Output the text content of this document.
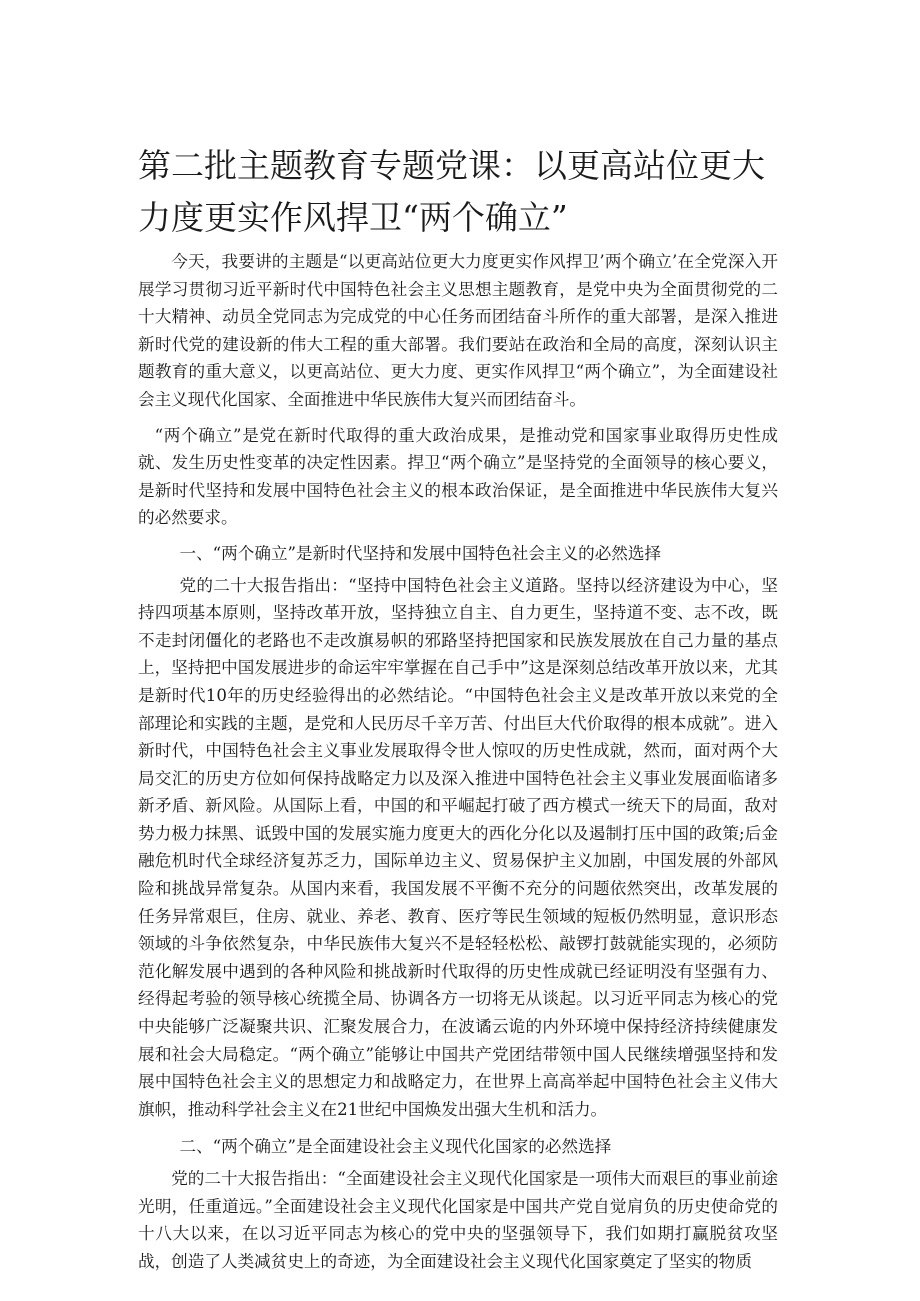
第二批主题教育专题党课：以更高站位更大力度更实作风捍卫“两个确立”

今天，我要讲的主题是“以更高站位更大力度更实作风捍卫’两个确立’在全党深入开展学习贯彻习近平新时代中国特色社会主义思想主题教育，是党中央为全面贯彻党的二十大精神、动员全党同志为完成党的中心任务而团结奋斗所作的重大部署，是深入推进新时代党的建设新的伟大工程的重大部署。我们要站在政治和全局的高度，深刻认识主题教育的重大意义，以更高站位、更大力度、更实作风捍卫“两个确立”，为全面建设社会主义现代化国家、全面推进中华民族伟大复兴而团结奋斗。

“两个确立”是党在新时代取得的重大政治成果，是推动党和国家事业取得历史性成就、发生历史性变革的决定性因素。捍卫“两个确立”是坚持党的全面领导的核心要义，是新时代坚持和发展中国特色社会主义的根本政治保证，是全面推进中华民族伟大复兴的必然要求。

一、“两个确立”是新时代坚持和发展中国特色社会主义的必然选择

党的二十大报告指出：“坚持中国特色社会主义道路。坚持以经济建设为中心，坚持四项基本原则，坚持改革开放，坚持独立自主、自力更生，坚持道不变、志不改，既不走封闭僵化的老路也不走改旗易帜的邪路坚持把国家和民族发展放在自己力量的基点上，坚持把中国发展进步的命运牢牢掌握在自己手中”这是深刻总结改革开放以来，尤其是新时代10年的历史经验得出的必然结论。“中国特色社会主义是改革开放以来党的全部理论和实践的主题，是党和人民历尽千辛万苦、付出巨大代价取得的根本成就”。进入新时代，中国特色社会主义事业发展取得令世人惊叹的历史性成就，然而，面对两个大局交汇的历史方位如何保持战略定力以及深入推进中国特色社会主义事业发展面临诸多新矛盾、新风险。从国际上看，中国的和平崛起打破了西方模式一统天下的局面，敌对势力极力抹黑、诋毁中国的发展实施力度更大的西化分化以及遏制打压中国的政策;后金融危机时代全球经济复苏乏力，国际单边主义、贸易保护主义加剧，中国发展的外部风险和挑战异常复杂。从国内来看，我国发展不平衡不充分的问题依然突出，改革发展的任务异常艰巨，住房、就业、养老、教育、医疗等民生领域的短板仍然明显，意识形态领域的斗争依然复杂，中华民族伟大复兴不是轻轻松松、敲锣打鼓就能实现的，必须防范化解发展中遇到的各种风险和挑战新时代取得的历史性成就已经证明没有坚强有力、经得起考验的领导核心统揽全局、协调各方一切将无从谈起。以习近平同志为核心的党中央能够广泛凝聚共识、汇聚发展合力，在波谲云诡的内外环境中保持经济持续健康发展和社会大局稳定。“两个确立”能够让中国共产党团结带领中国人民继续增强坚持和发展中国特色社会主义的思想定力和战略定力，在世界上高高举起中国特色社会主义伟大旗帜，推动科学社会主义在21世纪中国焕发出强大生机和活力。

二、“两个确立”是全面建设社会主义现代化国家的必然选择

党的二十大报告指出：“全面建设社会主义现代化国家是一项伟大而艰巨的事业前途光明，任重道远。”全面建设社会主义现代化国家是中国共产党自觉肩负的历史使命党的十八大以来，在以习近平同志为核心的党中央的坚强领导下，我们如期打赢脱贫攻坚战，创造了人类减贫史上的奇迹，为全面建设社会主义现代化国家奠定了坚实的物质
